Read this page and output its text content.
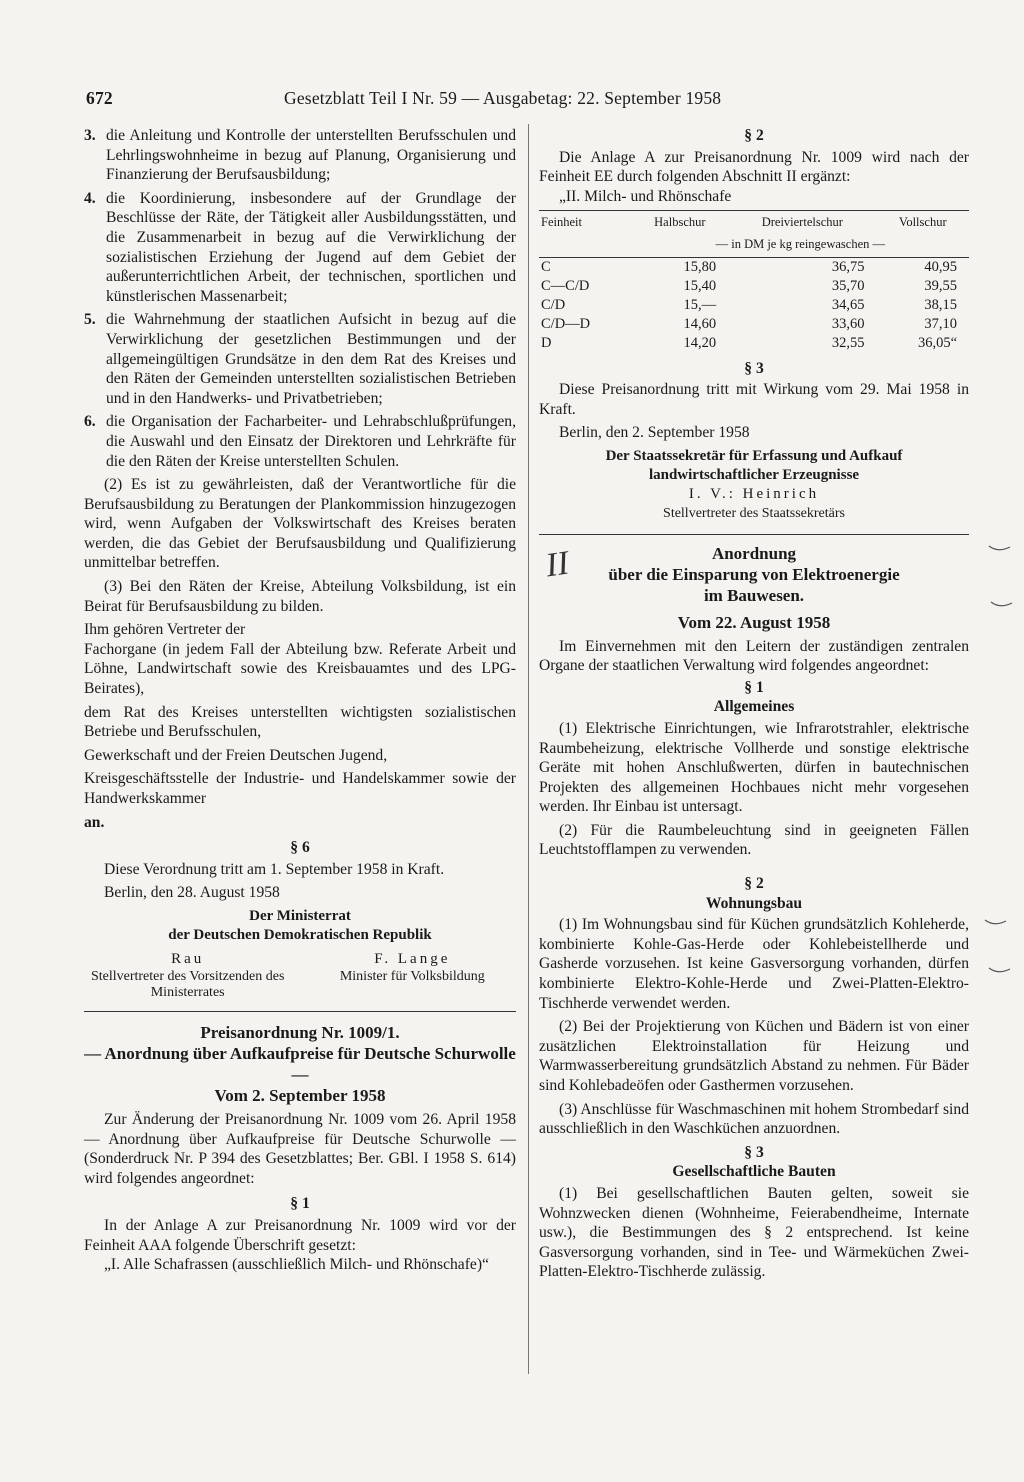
672	Gesetzblatt Teil I Nr. 59 — Ausgabetag: 22. September 1958
3. die Anleitung und Kontrolle der unterstellten Berufsschulen und Lehrlingswohnheime in bezug auf Planung, Organisierung und Finanzierung der Berufsausbildung;
4. die Koordinierung, insbesondere auf der Grundlage der Beschlüsse der Räte, der Tätigkeit aller Ausbildungsstätten, und die Zusammenarbeit in bezug auf die Verwirklichung der sozialistischen Erziehung der Jugend auf dem Gebiet der außerunterrichtlichen Arbeit, der technischen, sportlichen und künstlerischen Massenarbeit;
5. die Wahrnehmung der staatlichen Aufsicht in bezug auf die Verwirklichung der gesetzlichen Bestimmungen und der allgemeingültigen Grundsätze in den dem Rat des Kreises und den Räten der Gemeinden unterstellten sozialistischen Betrieben und in den Handwerks- und Privatbetrieben;
6. die Organisation der Facharbeiter- und Lehrabschlußprüfungen, die Auswahl und den Einsatz der Direktoren und Lehrkräfte für die den Räten der Kreise unterstellten Schulen.

(2) Es ist zu gewährleisten, daß der Verantwortliche für die Berufsausbildung zu Beratungen der Plankommission hinzugezogen wird, wenn Aufgaben der Volkswirtschaft des Kreises beraten werden, die das Gebiet der Berufsausbildung und Qualifizierung unmittelbar betreffen.

(3) Bei den Räten der Kreise, Abteilung Volksbildung, ist ein Beirat für Berufsausbildung zu bilden.

Ihm gehören Vertreter der

Fachorgane (in jedem Fall der Abteilung bzw. Referate Arbeit und Löhne, Landwirtschaft sowie des Kreisbauamtes und des LPG-Beirates),

dem Rat des Kreises unterstellten wichtigsten sozialistischen Betriebe und Berufsschulen,

Gewerkschaft und der Freien Deutschen Jugend,

Kreisgeschäftsstelle der Industrie- und Handelskammer sowie der Handwerkskammer

an.

§ 6

Diese Verordnung tritt am 1. September 1958 in Kraft.

Berlin, den 28. August 1958

Der Ministerrat
der Deutschen Demokratischen Republik
Rau
Stellvertreter des Vorsitzenden des Ministerrates
F. Lange
Minister für Volksbildung
Preisanordnung Nr. 1009/1.
— Anordnung über Aufkaufpreise für Deutsche Schurwolle —
Vom 2. September 1958

Zur Änderung der Preisanordnung Nr. 1009 vom 26. April 1958 — Anordnung über Aufkaufpreise für Deutsche Schurwolle — (Sonderdruck Nr. P 394 des Gesetzblattes; Ber. GBl. I 1958 S. 614) wird folgendes angeordnet:

§ 1

In der Anlage A zur Preisanordnung Nr. 1009 wird vor der Feinheit AAA folgende Überschrift gesetzt:

„I. Alle Schafrassen (ausschließlich Milch- und Rhönschafe)“

§ 2

Die Anlage A zur Preisanordnung Nr. 1009 wird nach der Feinheit EE durch folgenden Abschnitt II ergänzt:

„II. Milch- und Rhönschafe

Feinheit	Halbschur	Dreiviertelschur	Vollschur
	— in DM je kg reingewaschen —		
C	15,80	36,75	40,95
C—C/D	15,40	35,70	39,55
C/D	15,—	34,65	38,15
C/D—D	14,60	33,60	37,10
D	14,20	32,55	36,05“
§ 3

Diese Preisanordnung tritt mit Wirkung vom 29. Mai 1958 in Kraft.

Berlin, den 2. September 1958

Der Staatssekretär für Erfassung und Aufkauf
landwirtschaftlicher Erzeugnisse
I. V.: Heinrich
Stellvertreter des Staatssekretärs
Anordnung
über die Einsparung von Elektroenergie
im Bauwesen.
Vom 22. August 1958

Im Einvernehmen mit den Leitern der zuständigen zentralen Organe der staatlichen Verwaltung wird folgendes angeordnet:

§ 1
Allgemeines

(1) Elektrische Einrichtungen, wie Infrarotstrahler, elektrische Raumbeheizung, elektrische Vollherde und sonstige elektrische Geräte mit hohen Anschlußwerten, dürfen in bautechnischen Projekten des allgemeinen Hochbaues nicht mehr vorgesehen werden. Ihr Einbau ist untersagt.

(2) Für die Raumbeleuchtung sind in geeigneten Fällen Leuchtstofflampen zu verwenden.

§ 2
Wohnungsbau

(1) Im Wohnungsbau sind für Küchen grundsätzlich Kohleherde, kombinierte Kohle-Gas-Herde oder Kohlebeistellherde und Gasherde vorzusehen. Ist keine Gasversorgung vorhanden, dürfen kombinierte Elektro-Kohle-Herde und Zwei-Platten-Elektro-Tischherde verwendet werden.

(2) Bei der Projektierung von Küchen und Bädern ist von einer zusätzlichen Elektroinstallation für Heizung und Warmwasserbereitung grundsätzlich Abstand zu nehmen. Für Bäder sind Kohlebadeöfen oder Gasthermen vorzusehen.

(3) Anschlüsse für Waschmaschinen mit hohem Strombedarf sind ausschließlich in den Waschküchen anzuordnen.

§ 3
Gesellschaftliche Bauten

(1) Bei gesellschaftlichen Bauten gelten, soweit sie Wohnzwecken dienen (Wohnheime, Feierabendheime, Internate usw.), die Bestimmungen des § 2 entsprechend. Ist keine Gasversorgung vorhanden, sind in Tee- und Wärmeküchen Zwei-Platten-Elektro-Tischherde zulässig.

II
